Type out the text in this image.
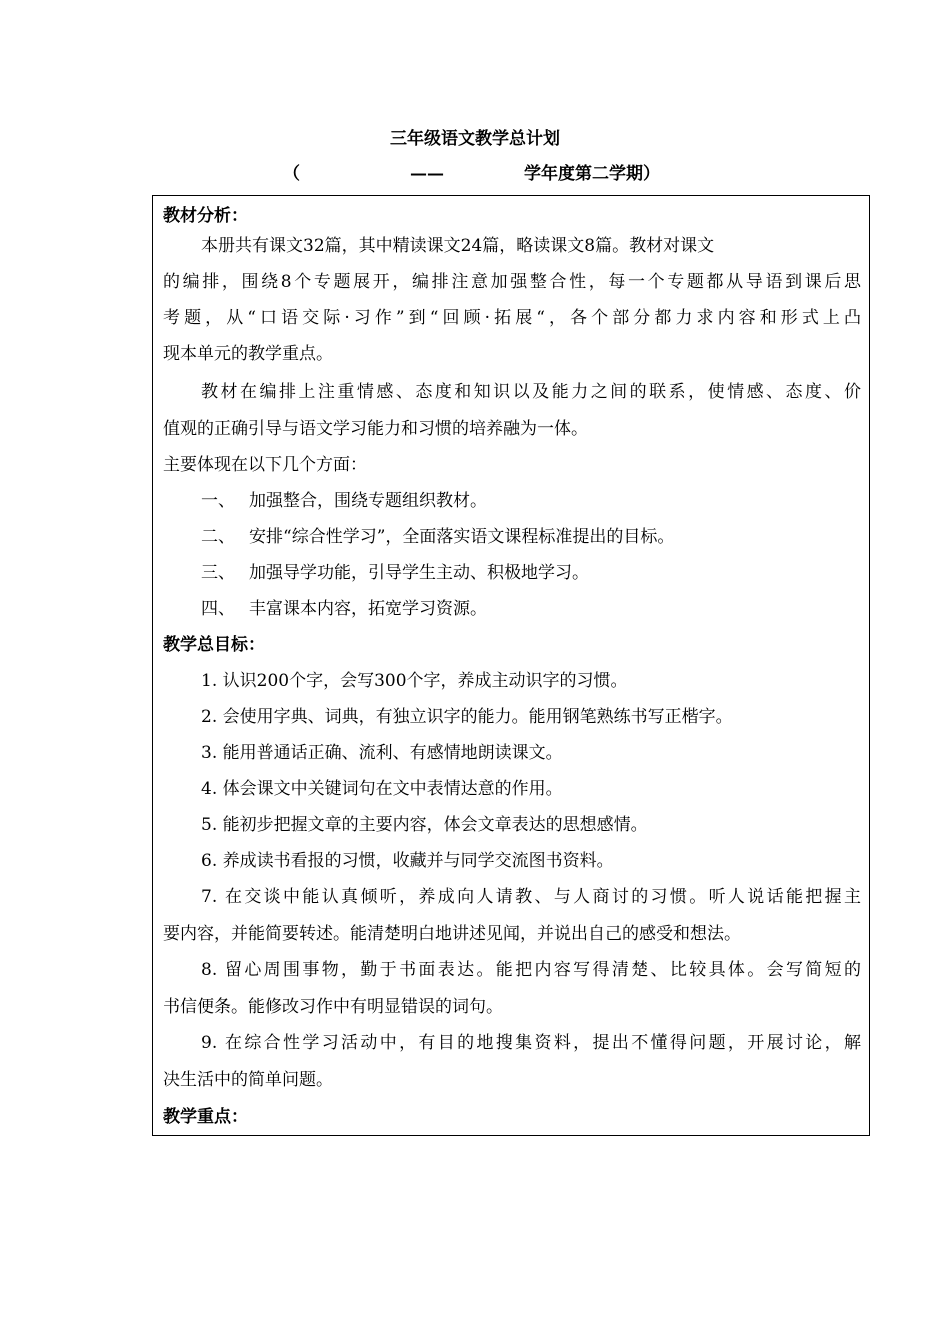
三年级语文教学总计划
（	——	学年度第二学期）
教材分析：
本册共有课文32篇，其中精读课文24篇，略读课文8篇。教材对课文
的编排，围绕8个专题展开，编排注意加强整合性，每一个专题都从导语到课后思
考题，从“口语交际·习作”到“回顾·拓展“，各个部分都力求内容和形式上凸
现本单元的教学重点。
教材在编排上注重情感、态度和知识以及能力之间的联系，使情感、态度、价
值观的正确引导与语文学习能力和习惯的培养融为一体。
主要体现在以下几个方面：
一、 加强整合，围绕专题组织教材。
二、 安排“综合性学习”，全面落实语文课程标准提出的目标。
三、 加强导学功能，引导学生主动、积极地学习。
四、 丰富课本内容，拓宽学习资源。
教学总目标：
1. 认识200个字，会写300个字，养成主动识字的习惯。
2. 会使用字典、词典，有独立识字的能力。能用钢笔熟练书写正楷字。
3. 能用普通话正确、流利、有感情地朗读课文。
4. 体会课文中关键词句在文中表情达意的作用。
5. 能初步把握文章的主要内容，体会文章表达的思想感情。
6. 养成读书看报的习惯，收藏并与同学交流图书资料。
7. 在交谈中能认真倾听，养成向人请教、与人商讨的习惯。听人说话能把握主
要内容，并能简要转述。能清楚明白地讲述见闻，并说出自己的感受和想法。
8. 留心周围事物，勤于书面表达。能把内容写得清楚、比较具体。会写简短的
书信便条。能修改习作中有明显错误的词句。
9. 在综合性学习活动中，有目的地搜集资料，提出不懂得问题，开展讨论，解
决生活中的简单问题。
教学重点：
